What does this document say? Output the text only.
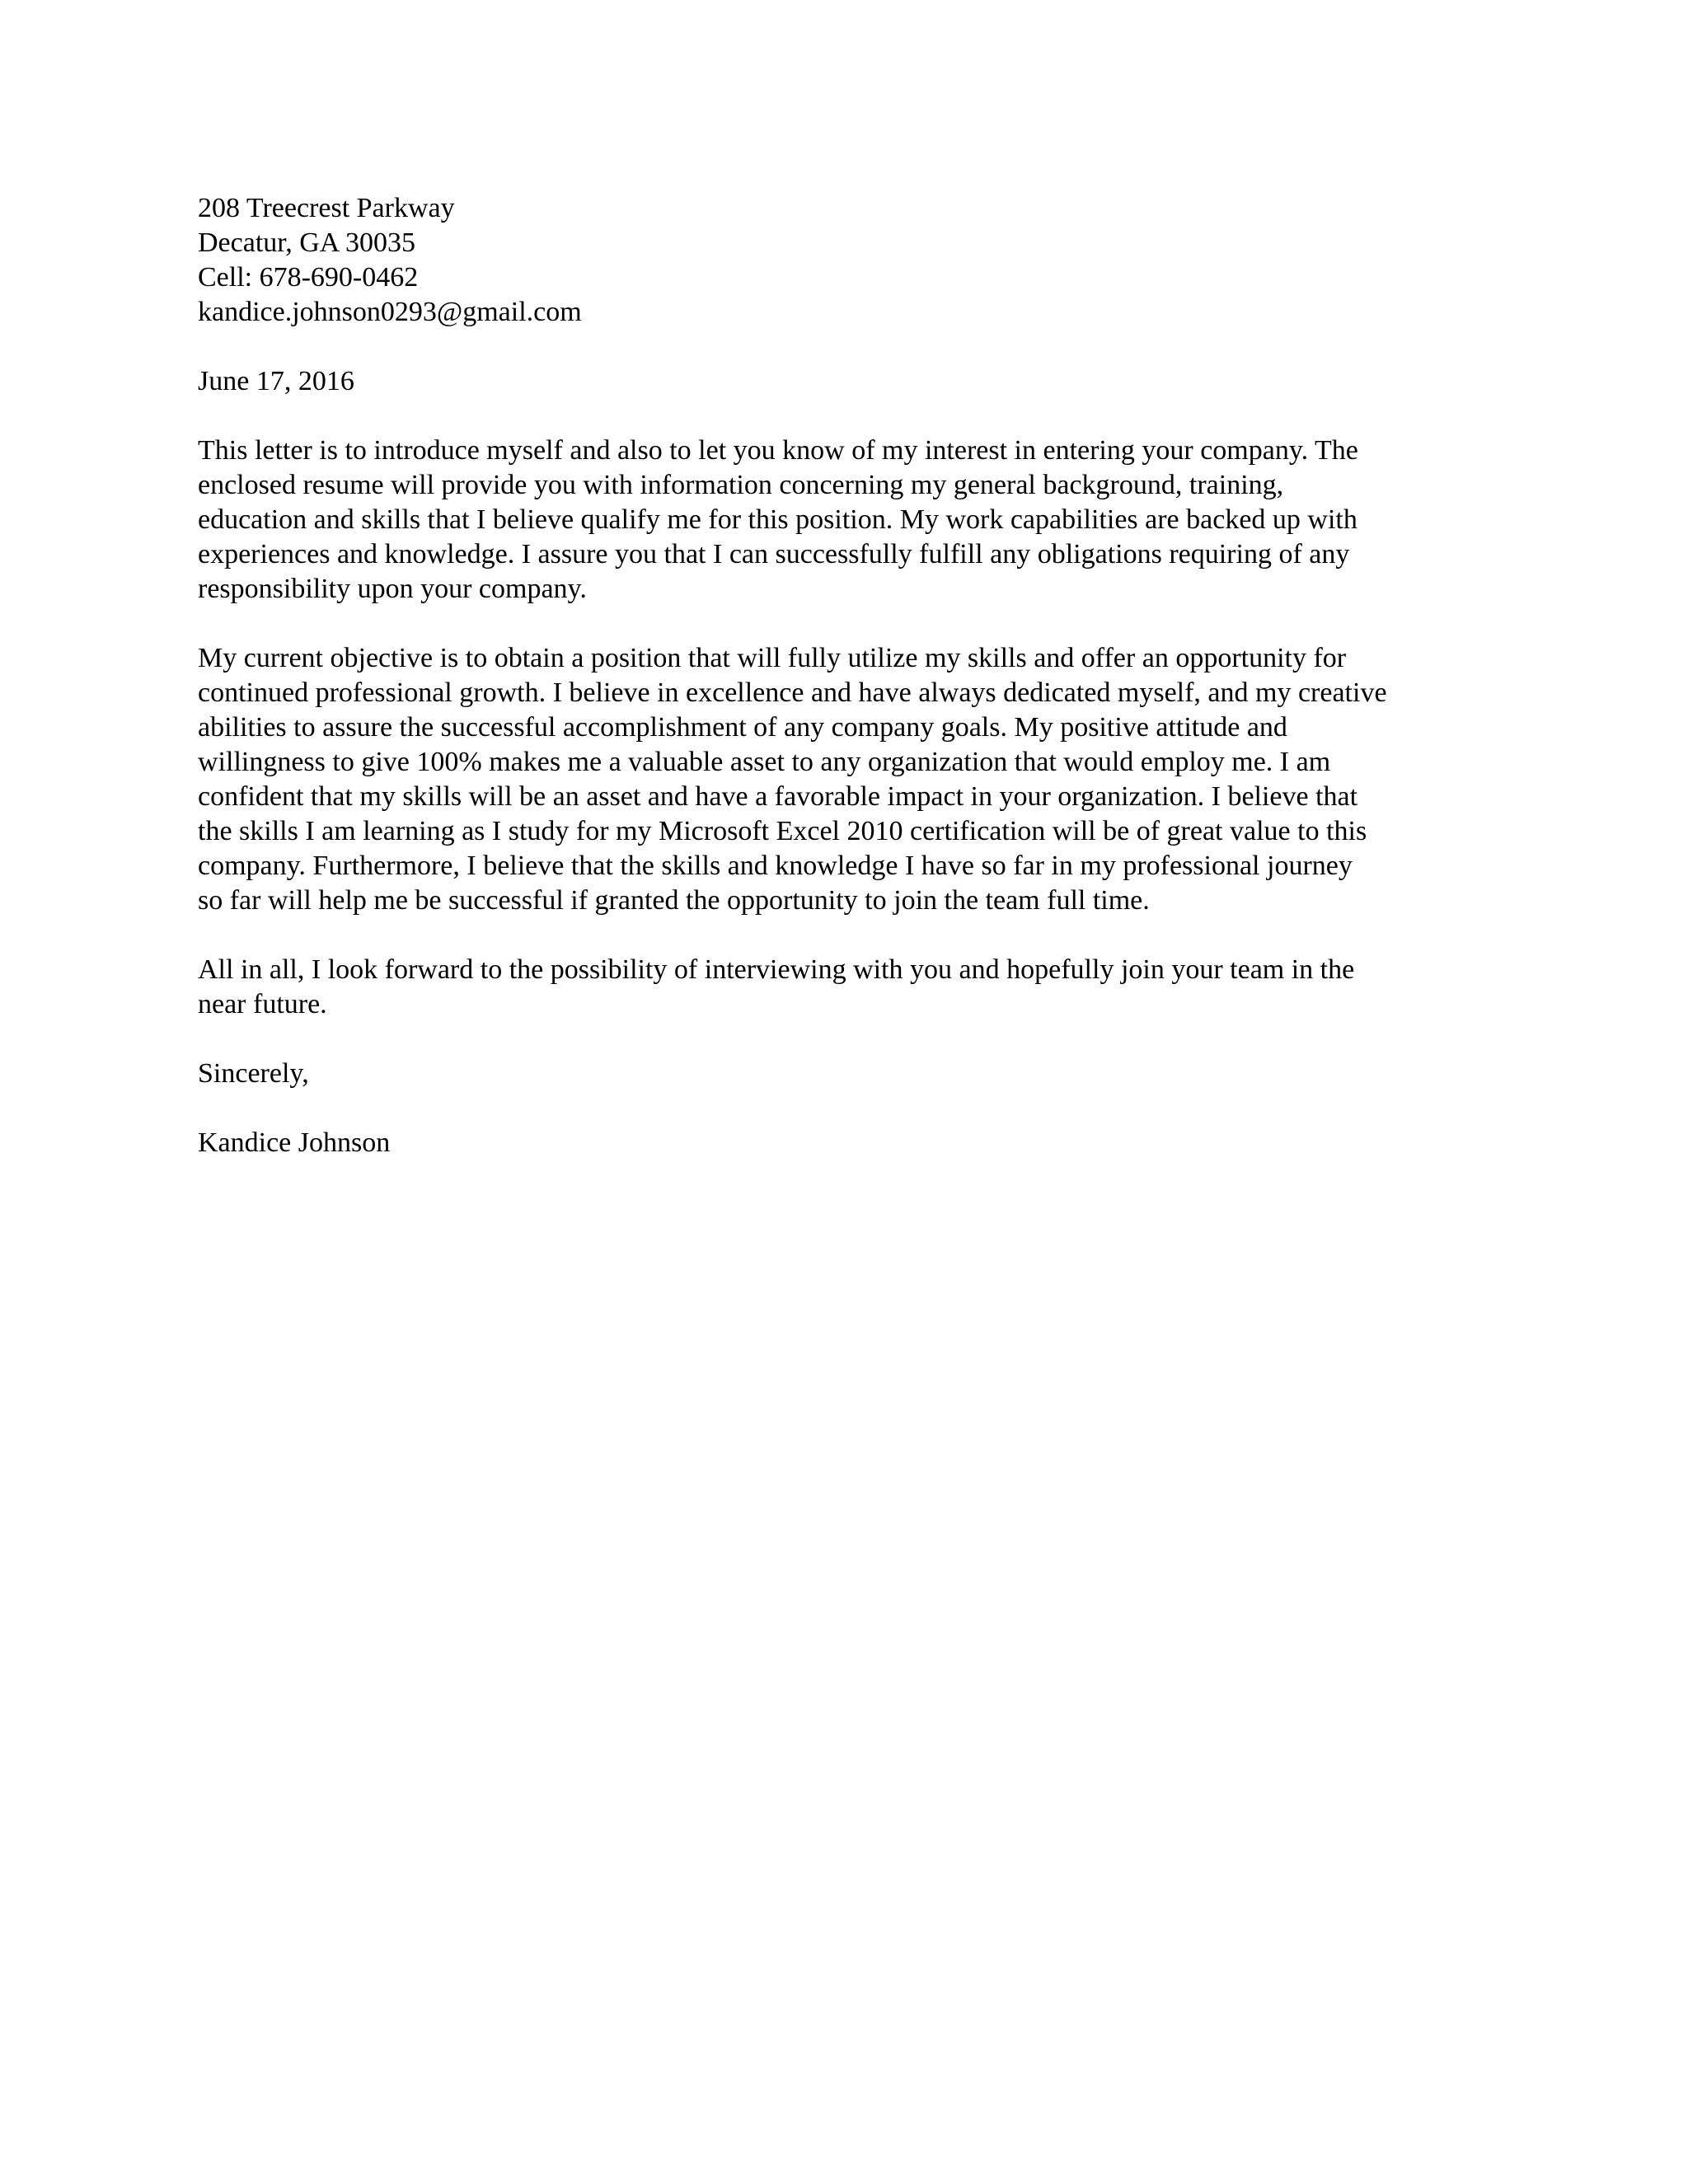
208 Treecrest Parkway
Decatur, GA 30035
Cell: 678-690-0462
kandice.johnson0293@gmail.com
June 17, 2016
This letter is to introduce myself and also to let you know of my interest in entering your company. The
enclosed resume will provide you with information concerning my general background, training,
education and skills that I believe qualify me for this position. My work capabilities are backed up with
experiences and knowledge. I assure you that I can successfully fulfill any obligations requiring of any
responsibility upon your company.
My current objective is to obtain a position that will fully utilize my skills and offer an opportunity for
continued professional growth. I believe in excellence and have always dedicated myself, and my creative
abilities to assure the successful accomplishment of any company goals. My positive attitude and
willingness to give 100% makes me a valuable asset to any organization that would employ me. I am
confident that my skills will be an asset and have a favorable impact in your organization. I believe that
the skills I am learning as I study for my Microsoft Excel 2010 certification will be of great value to this
company. Furthermore, I believe that the skills and knowledge I have so far in my professional journey
so far will help me be successful if granted the opportunity to join the team full time.
All in all, I look forward to the possibility of interviewing with you and hopefully join your team in the
near future.
Sincerely,
Kandice Johnson
